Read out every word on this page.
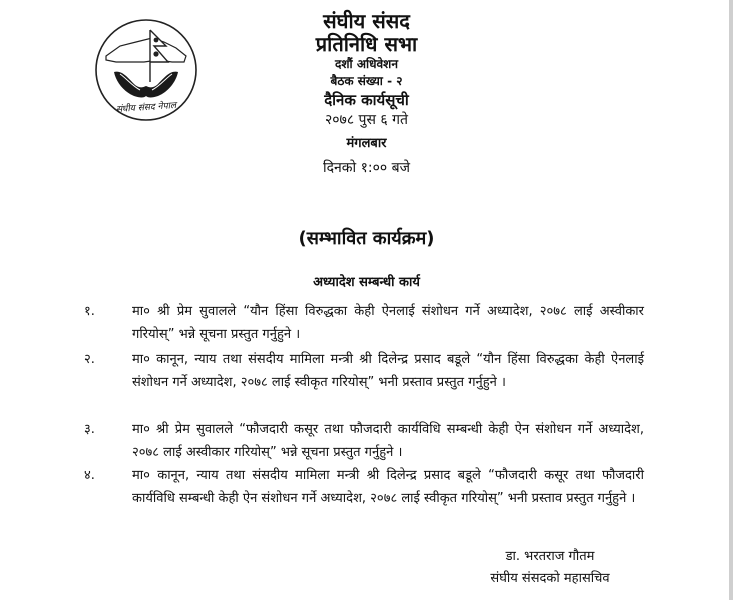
संघीय संसद नेपाल
संघीय संसद
प्रतिनिधि सभा
दशौं अधिवेशन
बैठक संख्या - २
दैनिक कार्यसूची
२०७८ पुस ६ गते
मंगलबार
दिनको १:०० बजे
(सम्भावित कार्यक्रम)
अध्यादेश सम्बन्धी कार्य
१.	मा० श्री प्रेम सुवालले “यौन हिंसा विरुद्धका केही ऐनलाई संशोधन गर्ने अध्यादेश, २०७८ लाई अस्वीकार गरियोस्” भन्ने सूचना प्रस्तुत गर्नुहुने ।
२.	मा० कानून, न्याय तथा संसदीय मामिला मन्त्री श्री दिलेन्द्र प्रसाद बडूले “यौन हिंसा विरुद्धका केही ऐनलाई संशोधन गर्ने अध्यादेश, २०७८ लाई स्वीकृत गरियोस्” भनी प्रस्ताव प्रस्तुत गर्नुहुने ।
३.	मा० श्री प्रेम सुवालले “फौजदारी कसूर तथा फौजदारी कार्यविधि सम्बन्धी केही ऐन संशोधन गर्ने अध्यादेश, २०७८ लाई अस्वीकार गरियोस्” भन्ने सूचना प्रस्तुत गर्नुहुने ।
४.	मा० कानून, न्याय तथा संसदीय मामिला मन्त्री श्री दिलेन्द्र प्रसाद बडूले “फौजदारी कसूर तथा फौजदारी कार्यविधि सम्बन्धी केही ऐन संशोधन गर्ने अध्यादेश, २०७८ लाई स्वीकृत गरियोस्” भनी प्रस्ताव प्रस्तुत गर्नुहुने ।
डा. भरतराज गौतम
संघीय संसदको महासचिव
